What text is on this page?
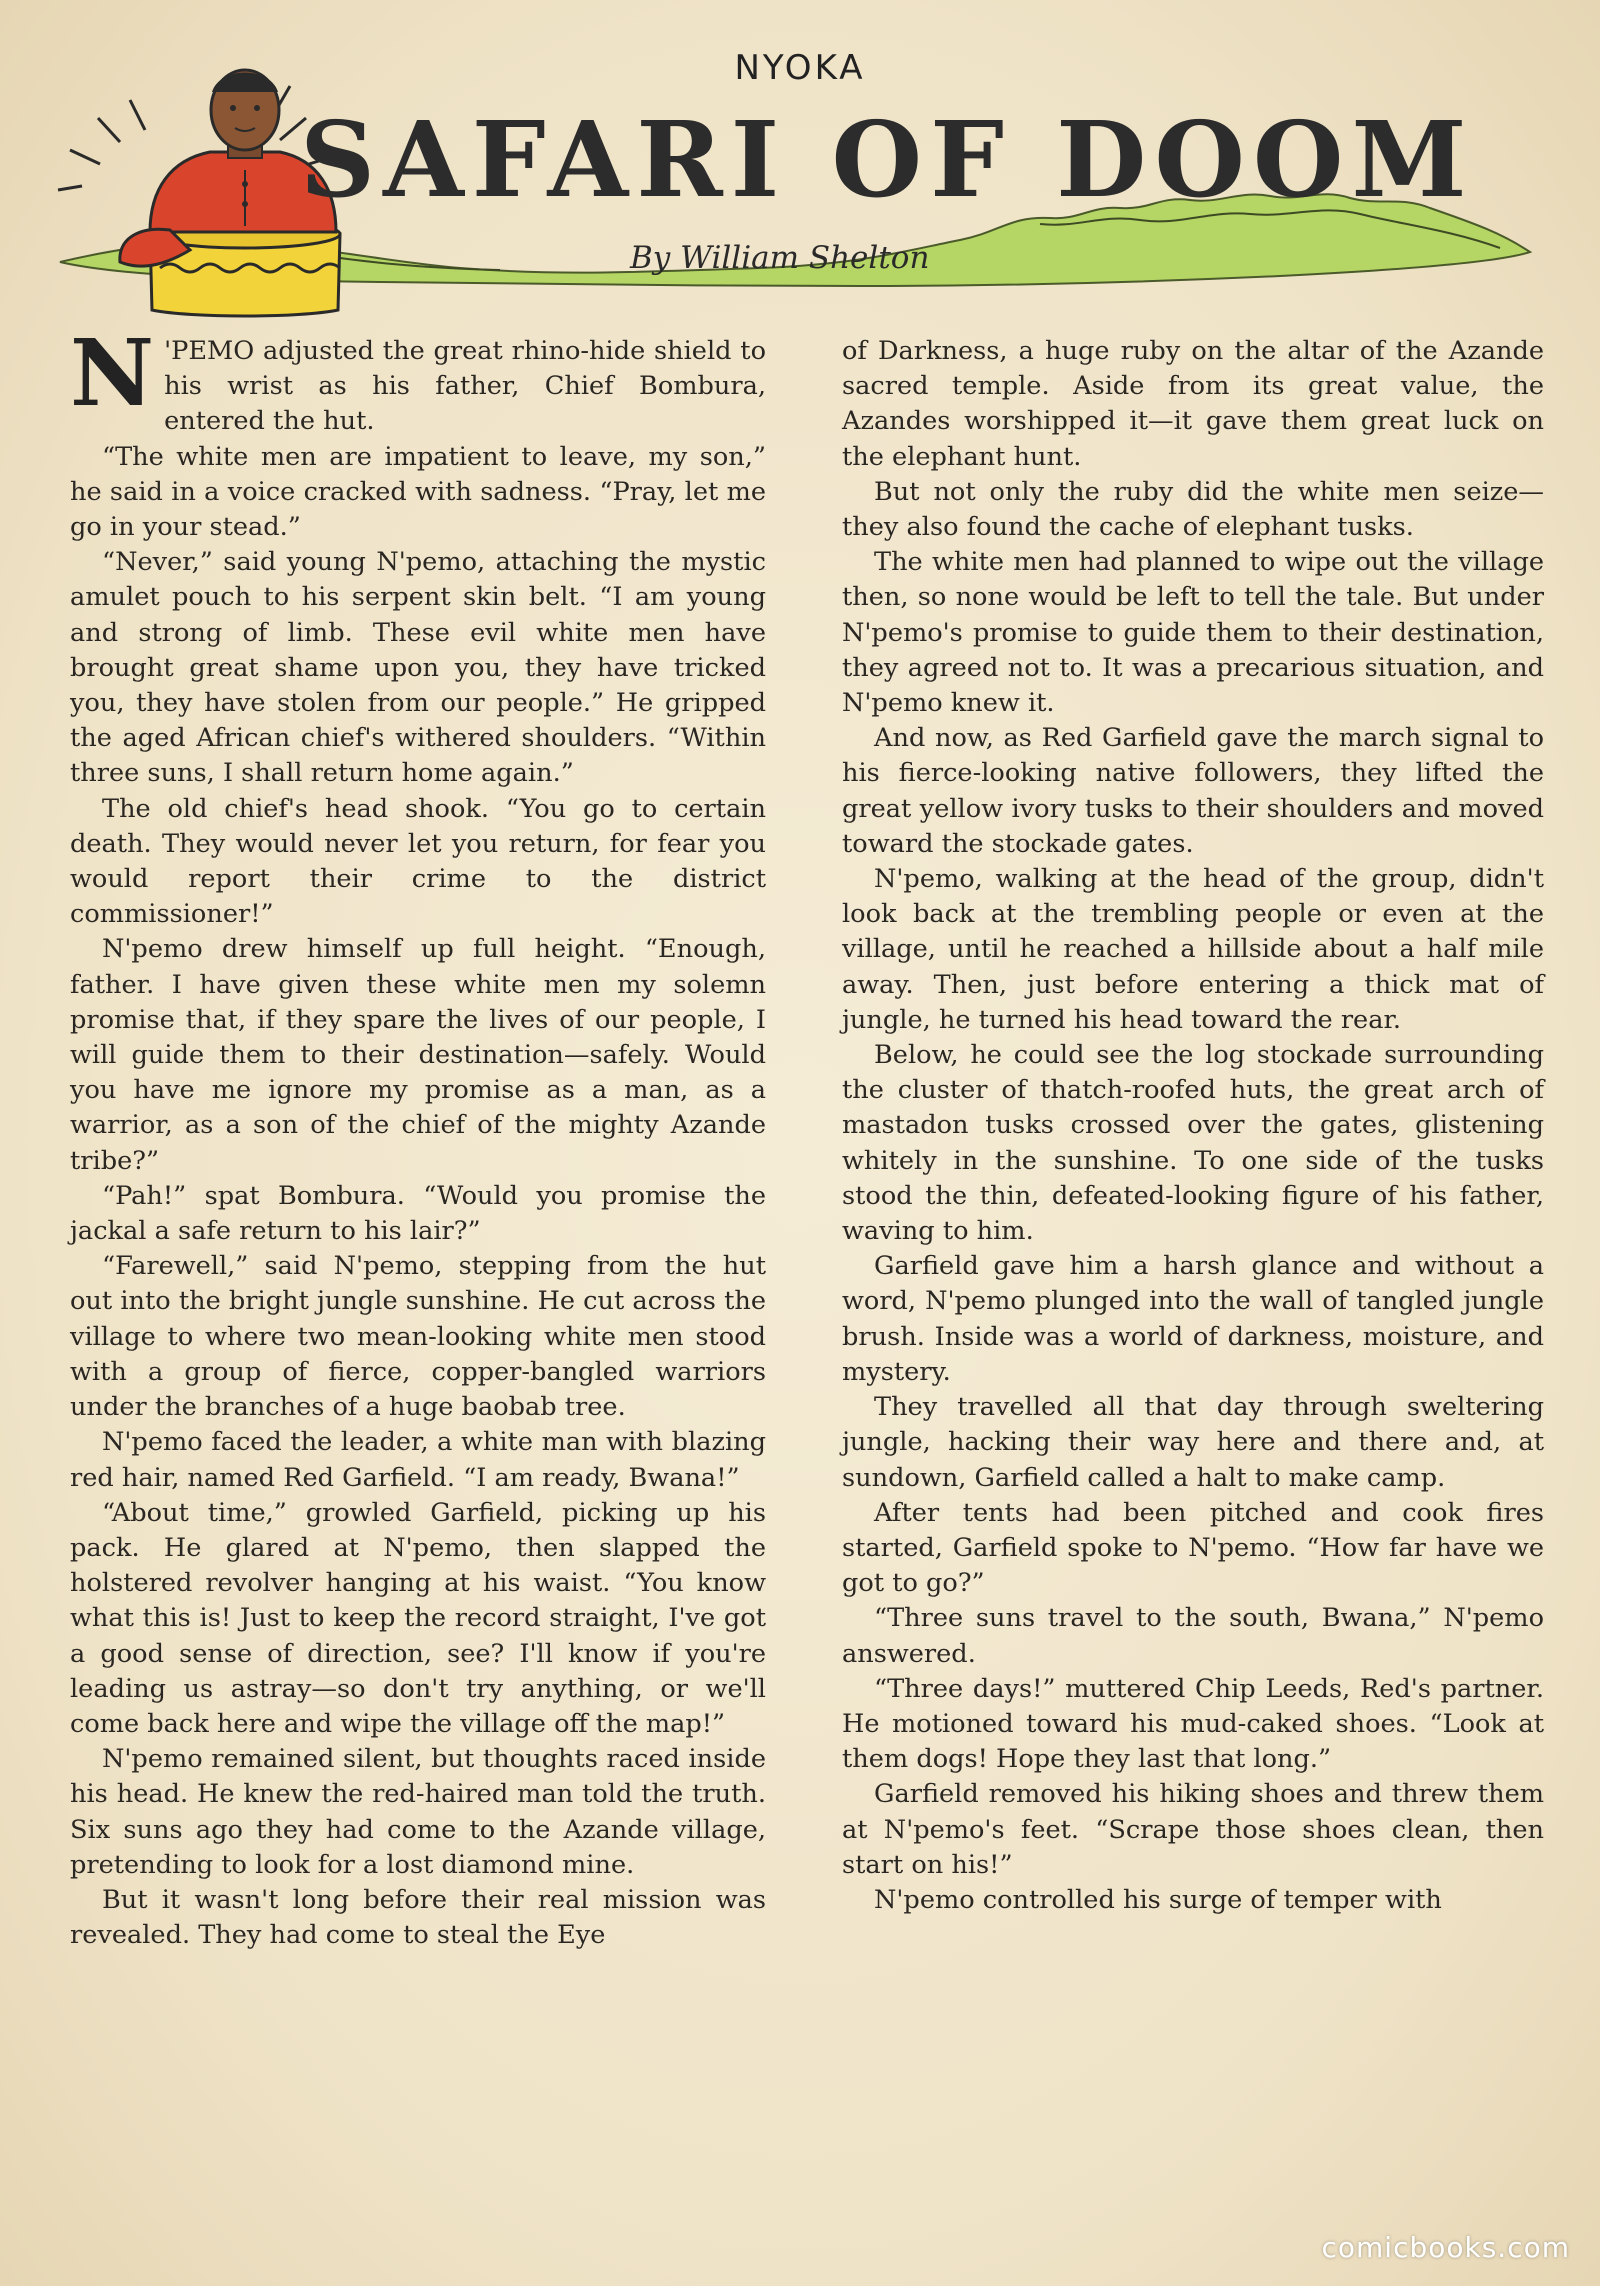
NYOKA
SAFARI OF DOOM
By William Shelton

N 'PEMO adjusted the great rhino-hide shield to his wrist as his father, Chief Bombura, entered the hut.

“The white men are impatient to leave, my son,” he said in a voice cracked with sadness. “Pray, let me go in your stead.”

“Never,” said young N'pemo, attaching the mystic amulet pouch to his serpent skin belt. “I am young and strong of limb. These evil white men have brought great shame upon you, they have tricked you, they have stolen from our people.” He gripped the aged African chief's withered shoulders. “Within three suns, I shall return home again.”

The old chief's head shook. “You go to certain death. They would never let you return, for fear you would report their crime to the district commissioner!”

N'pemo drew himself up full height. “Enough, father. I have given these white men my solemn promise that, if they spare the lives of our people, I will guide them to their destination—safely. Would you have me ignore my promise as a man, as a warrior, as a son of the chief of the mighty Azande tribe?”

“Pah!” spat Bombura. “Would you promise the jackal a safe return to his lair?”

“Farewell,” said N'pemo, stepping from the hut out into the bright jungle sunshine. He cut across the village to where two mean-looking white men stood with a group of fierce, copper-bangled warriors under the branches of a huge baobab tree.

N'pemo faced the leader, a white man with blazing red hair, named Red Garfield. “I am ready, Bwana!”

“About time,” growled Garfield, picking up his pack. He glared at N'pemo, then slapped the holstered revolver hanging at his waist. “You know what this is! Just to keep the record straight, I've got a good sense of direction, see? I'll know if you're leading us astray—so don't try anything, or we'll come back here and wipe the village off the map!”

N'pemo remained silent, but thoughts raced inside his head. He knew the red-haired man told the truth. Six suns ago they had come to the Azande village, pretending to look for a lost diamond mine.

But it wasn't long before their real mission was revealed. They had come to steal the Eye

of Darkness, a huge ruby on the altar of the Azande sacred temple. Aside from its great value, the Azandes worshipped it—it gave them great luck on the elephant hunt.

But not only the ruby did the white men seize—they also found the cache of elephant tusks.

The white men had planned to wipe out the village then, so none would be left to tell the tale. But under N'pemo's promise to guide them to their destination, they agreed not to. It was a precarious situation, and N'pemo knew it.

And now, as Red Garfield gave the march signal to his fierce-looking native followers, they lifted the great yellow ivory tusks to their shoulders and moved toward the stockade gates.

N'pemo, walking at the head of the group, didn't look back at the trembling people or even at the village, until he reached a hillside about a half mile away. Then, just before entering a thick mat of jungle, he turned his head toward the rear.

Below, he could see the log stockade surrounding the cluster of thatch-roofed huts, the great arch of mastadon tusks crossed over the gates, glistening whitely in the sunshine. To one side of the tusks stood the thin, defeated-looking figure of his father, waving to him.

Garfield gave him a harsh glance and without a word, N'pemo plunged into the wall of tangled jungle brush. Inside was a world of darkness, moisture, and mystery.

They travelled all that day through sweltering jungle, hacking their way here and there and, at sundown, Garfield called a halt to make camp.

After tents had been pitched and cook fires started, Garfield spoke to N'pemo. “How far have we got to go?”

“Three suns travel to the south, Bwana,” N'pemo answered.

“Three days!” muttered Chip Leeds, Red's partner. He motioned toward his mud-caked shoes. “Look at them dogs! Hope they last that long.”

Garfield removed his hiking shoes and threw them at N'pemo's feet. “Scrape those shoes clean, then start on his!”

N'pemo controlled his surge of temper with

comicbooks.com
